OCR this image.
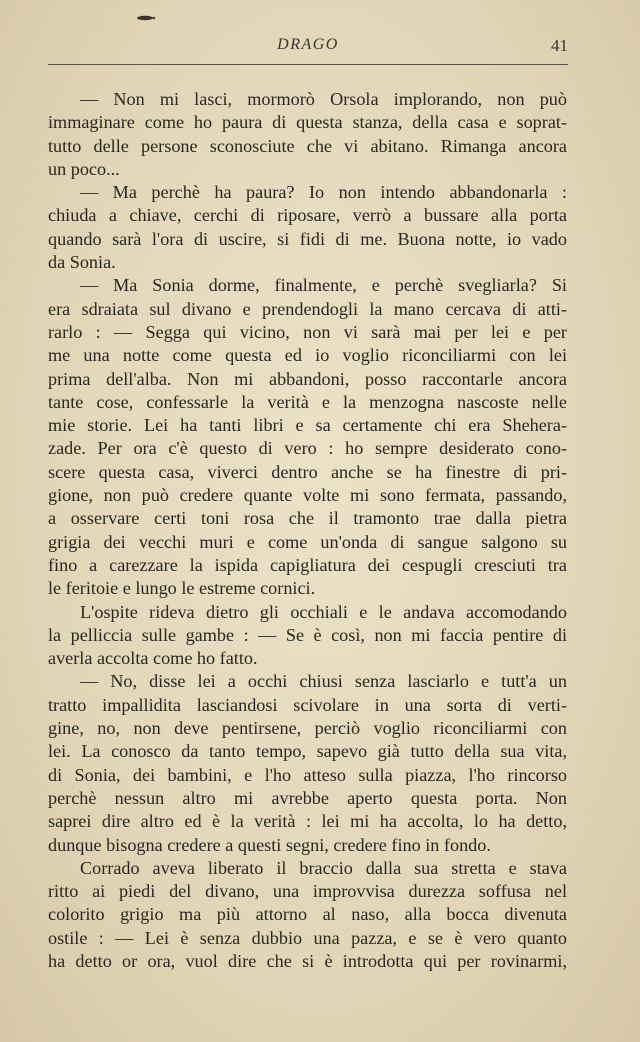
DRAGO	41
— Non mi lasci, mormorò Orsola implorando, non può
immaginare come ho paura di questa stanza, della casa e soprat-
tutto delle persone sconosciute che vi abitano. Rimanga ancora
un poco...
— Ma perchè ha paura? Io non intendo abbandonarla :
chiuda a chiave, cerchi di riposare, verrò a bussare alla porta
quando sarà l'ora di uscire, si fidi di me. Buona notte, io vado
da Sonia.
— Ma Sonia dorme, finalmente, e perchè svegliarla? Si
era sdraiata sul divano e prendendogli la mano cercava di atti-
rarlo : — Segga qui vicino, non vi sarà mai per lei e per
me una notte come questa ed io voglio riconciliarmi con lei
prima dell'alba. Non mi abbandoni, posso raccontarle ancora
tante cose, confessarle la verità e la menzogna nascoste nelle
mie storie. Lei ha tanti libri e sa certamente chi era Shehera-
zade. Per ora c'è questo di vero : ho sempre desiderato cono-
scere questa casa, viverci dentro anche se ha finestre di pri-
gione, non può credere quante volte mi sono fermata, passando,
a osservare certi toni rosa che il tramonto trae dalla pietra
grigia dei vecchi muri e come un'onda di sangue salgono su
fino a carezzare la ispida capigliatura dei cespugli cresciuti tra
le feritoie e lungo le estreme cornici.
L'ospite rideva dietro gli occhiali e le andava accomodando
la pelliccia sulle gambe : — Se è così, non mi faccia pentire di
averla accolta come ho fatto.
— No, disse lei a occhi chiusi senza lasciarlo e tutt'a un
tratto impallidita lasciandosi scivolare in una sorta di verti-
gine, no, non deve pentirsene, perciò voglio riconciliarmi con
lei. La conosco da tanto tempo, sapevo già tutto della sua vita,
di Sonia, dei bambini, e l'ho atteso sulla piazza, l'ho rincorso
perchè nessun altro mi avrebbe aperto questa porta. Non
saprei dire altro ed è la verità : lei mi ha accolta, lo ha detto,
dunque bisogna credere a questi segni, credere fino in fondo.
Corrado aveva liberato il braccio dalla sua stretta e stava
ritto ai piedi del divano, una improvvisa durezza soffusa nel
colorito grigio ma più attorno al naso, alla bocca divenuta
ostile : — Lei è senza dubbio una pazza, e se è vero quanto
ha detto or ora, vuol dire che si è introdotta qui per rovinarmi,
